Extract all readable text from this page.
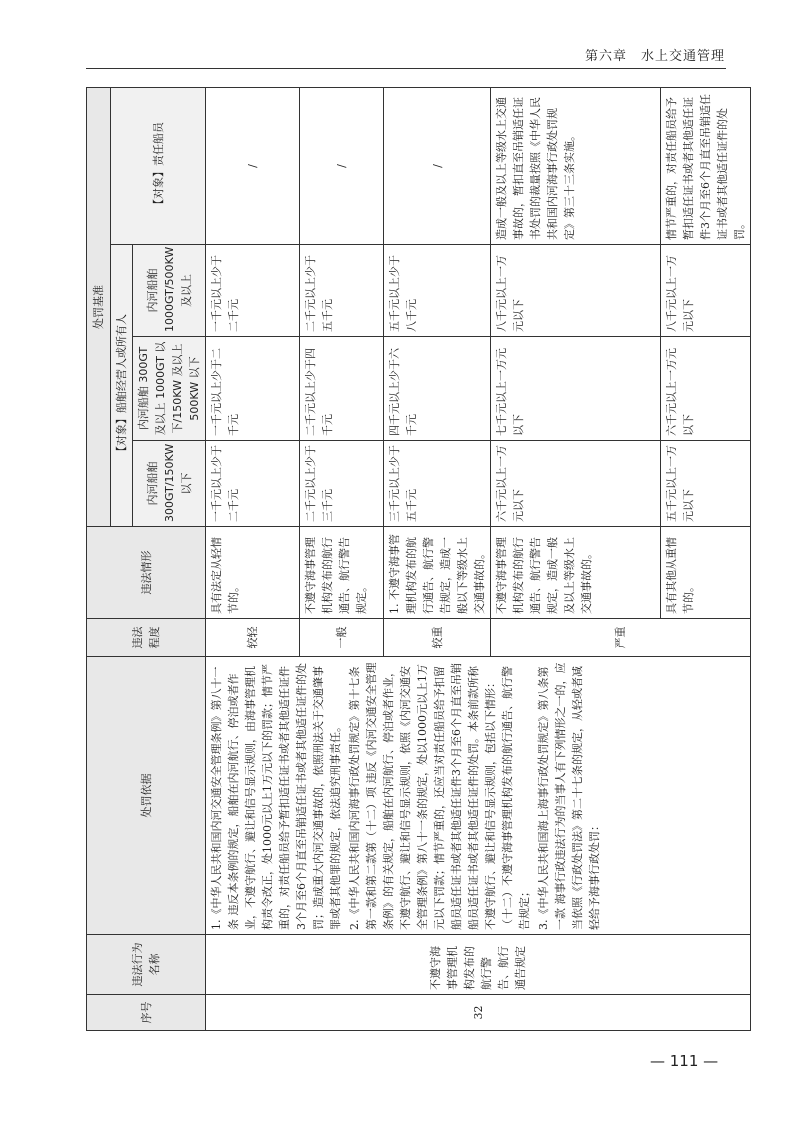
第六章　水上交通管理
序号	违法行为名称	处罚依据	违法程度	违法情形	处罚基准			
					【对象】船舶经营人或所有人			【对象】责任船员
					内河船舶300GT/150KW以下	内河船舶 300GT 及以上 1000GT 以下/150KW 及以上 500KW 以下	内河船舶1000GT/500KW及以上	
32	不遵守海事管理机构发布的航行警告、航行通告规定	1.《中华人民共和国内河交通安全管理条例》第八十一条 违反本条例的规定，船舶在内河航行、停泊或者作业，不遵守航行、避让和信号显示规则，由海事管理机构责令改正，处1000元以上1万元以下的罚款；情节严重的，对责任船员给予暂扣适任证书或者其他适任证件3个月至6个月直至吊销适任证书或者其他适任证件的处罚；造成重大内河交通事故的，依照刑法关于交通肇事罪或者其他罪的规定，依法追究刑事责任。 2.《中华人民共和国内河海事行政处罚规定》第十七条第一款和第二款第（十二）项 违反《内河交通安全管理条例》的有关规定，船舶在内河航行、停泊或者作业，不遵守航行、避让和信号显示规则，依照《内河交通安全管理条例》第八十一条的规定，处以1000元以上1万元以下罚款；情节严重的，还应当对责任船员给予扣留船员适任证书或者其他适任证件3个月至6个月直至吊销船员适任证书或者其他适任证件的处罚。本条前款所称不遵守航行、避让和信号显示规则，包括以下情形：（十二）不遵守海事管理机构发布的航行通告、航行警告规定； 3.《中华人民共和国海上海事行政处罚规定》第八条第一款 海事行政违法行为的当事人有下列情形之一的，应当依照《行政处罚法》第二十七条的规定，从轻或者减轻给予海事行政处罚：	较轻	具有法定从轻情节的。	一千元以上少于二千元	一千元以上少于二千元	一千元以上少于二千元	/
			一般	不遵守海事管理机构发布的航行通告、航行警告规定。	二千元以上少于三千元	二千元以上少于四千元	二千元以上少于五千元	/
			较重	1. 不遵守海事管理机构发布的航行通告、航行警告规定，造成一般以下等级水上交通事故的。	三千元以上少于五千元	四千元以上少于六千元	五千元以上少于八千元	/
			严重	不遵守海事管理机构发布的航行通告、航行警告规定，造成一般及以上等级水上交通事故的。	六千元以上一万元以下	七千元以上一万元以下	八千元以上一万元以下	造成一般及以上等级水上交通事故的，暂扣直至吊销适任证书处罚的裁量按照《中华人民共和国内河海事行政处罚规定》第三十三条实施。
				具有其他从重情节的。	五千元以上一万元以下	六千元以上一万元以下	八千元以上一万元以下	情节严重的，对责任船员给予暂扣适任证书或者其他适任证件3个月至6个月直至吊销适任证书或者其他适任证件的处罚。
— 111 —
